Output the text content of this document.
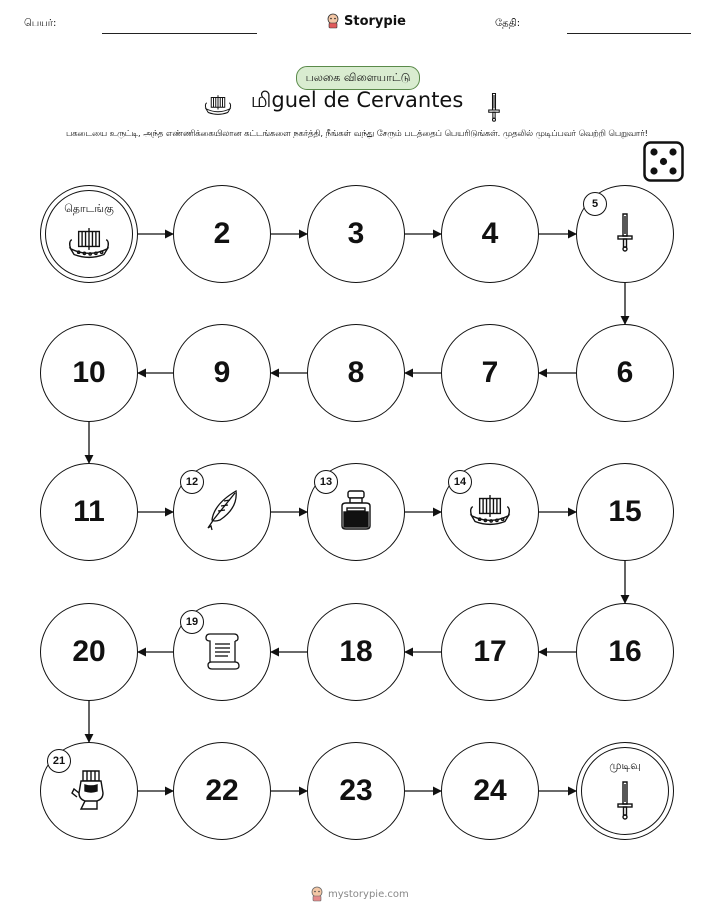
பெயர்:	Storypie	தேதி:
பலகை விளையாட்டு
மிguel de Cervantes
பகடையை உருட்டி, அந்த எண்ணிக்கையிலான கட்டங்களை நகர்த்தி, நீங்கள் வந்து சேரும் படத்தைப் பெயரிடுங்கள். முதலில் முடிப்பவர் வெற்றி பெறுவார்!
தொடங்கு
2	3	4
5
6
7
8
9
10
11
12	13	14
15
16
17
18
19
20
21
22	23	24
முடிவு
mystorypie.com
